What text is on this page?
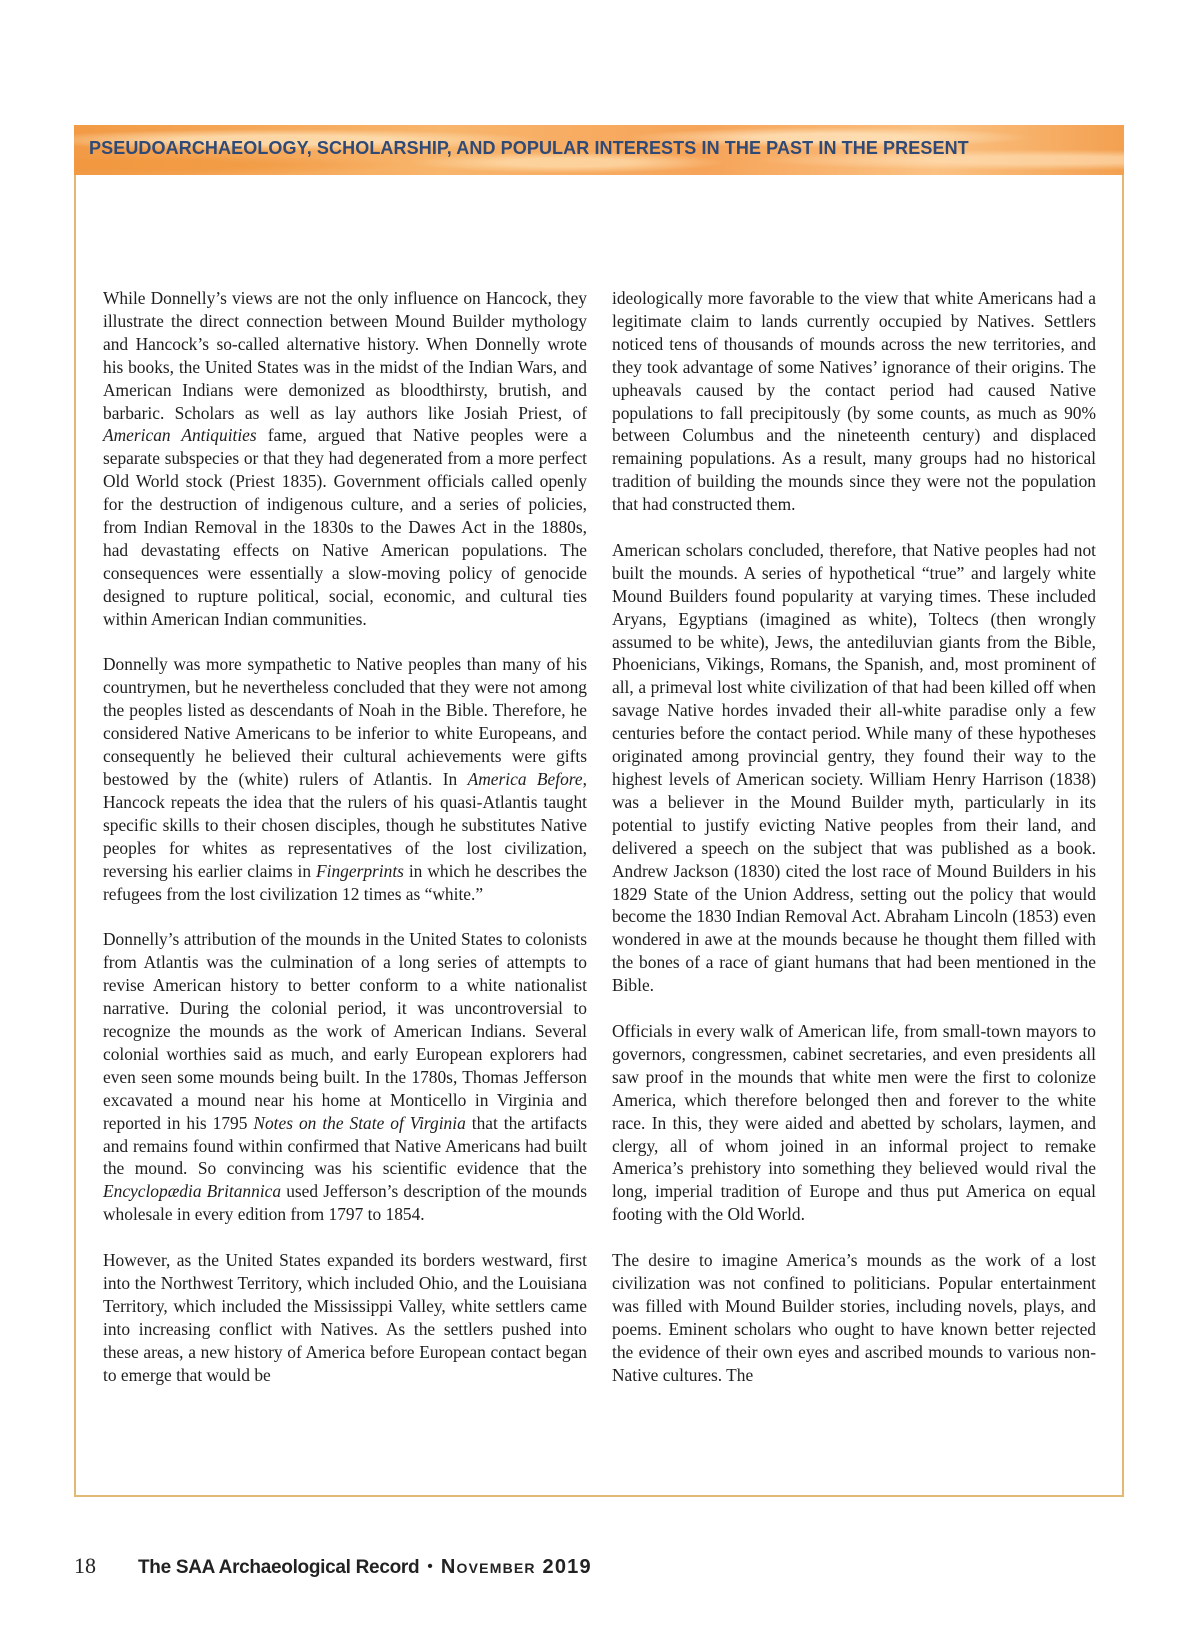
PSEUDOARCHAEOLOGY, SCHOLARSHIP, AND POPULAR INTERESTS IN THE PAST IN THE PRESENT

While Donnelly’s views are not the only influence on Hancock, they illustrate the direct connection between Mound Builder mythology and Hancock’s so-called alternative history. When Donnelly wrote his books, the United States was in the midst of the Indian Wars, and American Indians were demonized as bloodthirsty, brutish, and barbaric. Scholars as well as lay authors like Josiah Priest, of American Antiquities fame, argued that Native peoples were a separate subspecies or that they had degenerated from a more perfect Old World stock (Priest 1835). Government officials called openly for the destruction of indigenous culture, and a series of policies, from Indian Removal in the 1830s to the Dawes Act in the 1880s, had devastating effects on Native American populations. The consequences were essentially a slow-moving policy of genocide designed to rupture political, social, economic, and cultural ties within American Indian communities.

Donnelly was more sympathetic to Native peoples than many of his countrymen, but he nevertheless concluded that they were not among the peoples listed as descendants of Noah in the Bible. Therefore, he considered Native Americans to be inferior to white Europeans, and consequently he believed their cultural achievements were gifts bestowed by the (white) rulers of Atlantis. In America Before, Hancock repeats the idea that the rulers of his quasi-Atlantis taught specific skills to their chosen disciples, though he substitutes Native peoples for whites as representatives of the lost civilization, reversing his earlier claims in Fingerprints in which he describes the refugees from the lost civilization 12 times as “white.”

Donnelly’s attribution of the mounds in the United States to colonists from Atlantis was the culmination of a long series of attempts to revise American history to better conform to a white nationalist narrative. During the colonial period, it was uncontroversial to recognize the mounds as the work of American Indians. Several colonial worthies said as much, and early European explorers had even seen some mounds being built. In the 1780s, Thomas Jefferson excavated a mound near his home at Monticello in Virginia and reported in his 1795 Notes on the State of Virginia that the artifacts and remains found within confirmed that Native Americans had built the mound. So convincing was his scientific evidence that the Encyclopædia Britannica used Jefferson’s description of the mounds wholesale in every edition from 1797 to 1854.

However, as the United States expanded its borders westward, first into the Northwest Territory, which included Ohio, and the Louisiana Territory, which included the Mississippi Valley, white settlers came into increasing conflict with Natives. As the settlers pushed into these areas, a new history of America before European contact began to emerge that would be

ideologically more favorable to the view that white Americans had a legitimate claim to lands currently occupied by Natives. Settlers noticed tens of thousands of mounds across the new territories, and they took advantage of some Natives’ ignorance of their origins. The upheavals caused by the contact period had caused Native populations to fall precipitously (by some counts, as much as 90% between Columbus and the nineteenth century) and displaced remaining populations. As a result, many groups had no historical tradition of building the mounds since they were not the population that had constructed them.

American scholars concluded, therefore, that Native peoples had not built the mounds. A series of hypothetical “true” and largely white Mound Builders found popularity at varying times. These included Aryans, Egyptians (imagined as white), Toltecs (then wrongly assumed to be white), Jews, the antediluvian giants from the Bible, Phoenicians, Vikings, Romans, the Spanish, and, most prominent of all, a primeval lost white civilization of that had been killed off when savage Native hordes invaded their all-white paradise only a few centuries before the contact period. While many of these hypotheses originated among provincial gentry, they found their way to the highest levels of American society. William Henry Harrison (1838) was a believer in the Mound Builder myth, particularly in its potential to justify evicting Native peoples from their land, and delivered a speech on the subject that was published as a book. Andrew Jackson (1830) cited the lost race of Mound Builders in his 1829 State of the Union Address, setting out the policy that would become the 1830 Indian Removal Act. Abraham Lincoln (1853) even wondered in awe at the mounds because he thought them filled with the bones of a race of giant humans that had been mentioned in the Bible.

Officials in every walk of American life, from small-town mayors to governors, congressmen, cabinet secretaries, and even presidents all saw proof in the mounds that white men were the first to colonize America, which therefore belonged then and forever to the white race. In this, they were aided and abetted by scholars, laymen, and clergy, all of whom joined in an informal project to remake America’s prehistory into something they believed would rival the long, imperial tradition of Europe and thus put America on equal footing with the Old World.

The desire to imagine America’s mounds as the work of a lost civilization was not confined to politicians. Popular entertainment was filled with Mound Builder stories, including novels, plays, and poems. Eminent scholars who ought to have known better rejected the evidence of their own eyes and ascribed mounds to various non-Native cultures. The

18 The SAA Archaeological Record • November 2019
